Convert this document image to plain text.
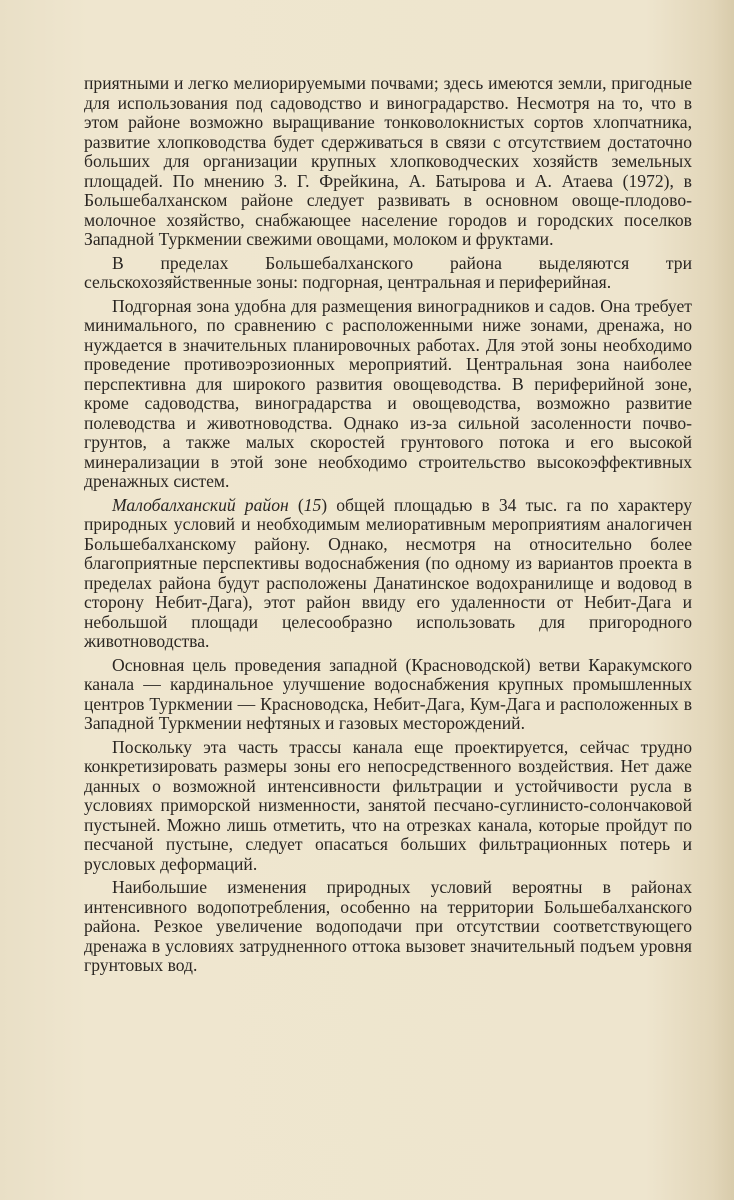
приятными и легко мелиорируемыми почвами; здесь имеются земли, пригодные для использования под садоводство и виноградарство. Несмотря на то, что в этом районе возможно выращивание тонковолокнистых сортов хлопчатника, развитие хлопководства будет сдерживаться в связи с отсутствием достаточно больших для организации крупных хлопководческих хозяйств земельных площадей. По мнению З. Г. Фрейкина, А. Батырова и А. Атаева (1972), в Большебалханском районе следует развивать в основном овоще-плодово-молочное хозяйство, снабжающее население городов и городских поселков Западной Туркмении свежими овощами, молоком и фруктами.

В пределах Большебалханского района выделяются три сельскохозяйственные зоны: подгорная, центральная и периферийная.

Подгорная зона удобна для размещения виноградников и садов. Она требует минимального, по сравнению с расположенными ниже зонами, дренажа, но нуждается в значительных планировочных работах. Для этой зоны необходимо проведение противоэрозионных мероприятий. Центральная зона наиболее перспективна для широкого развития овощеводства. В периферийной зоне, кроме садоводства, виноградарства и овощеводства, возможно развитие полеводства и животноводства. Однако из-за сильной засоленности почво-грунтов, а также малых скоростей грунтового потока и его высокой минерализации в этой зоне необходимо строительство высокоэффективных дренажных систем.

Малобалханский район (15) общей площадью в 34 тыс. га по характеру природных условий и необходимым мелиоративным мероприятиям аналогичен Большебалханскому району. Однако, несмотря на относительно более благоприятные перспективы водоснабжения (по одному из вариантов проекта в пределах района будут расположены Данатинское водохранилище и водовод в сторону Небит-Дага), этот район ввиду его удаленности от Небит-Дага и небольшой площади целесообразно использовать для пригородного животноводства.

Основная цель проведения западной (Красноводской) ветви Каракумского канала — кардинальное улучшение водоснабжения крупных промышленных центров Туркмении — Красноводска, Небит-Дага, Кум-Дага и расположенных в Западной Туркмении нефтяных и газовых месторождений.

Поскольку эта часть трассы канала еще проектируется, сейчас трудно конкретизировать размеры зоны его непосредственного воздействия. Нет даже данных о возможной интенсивности фильтрации и устойчивости русла в условиях приморской низменности, занятой песчано-суглинисто-солончаковой пустыней. Можно лишь отметить, что на отрезках канала, которые пройдут по песчаной пустыне, следует опасаться больших фильтрационных потерь и русловых деформаций.

Наибольшие изменения природных условий вероятны в районах интенсивного водопотребления, особенно на территории Большебалханского района. Резкое увеличение водоподачи при отсутствии соответствующего дренажа в условиях затрудненного оттока вызовет значительный подъем уровня грунтовых вод.
